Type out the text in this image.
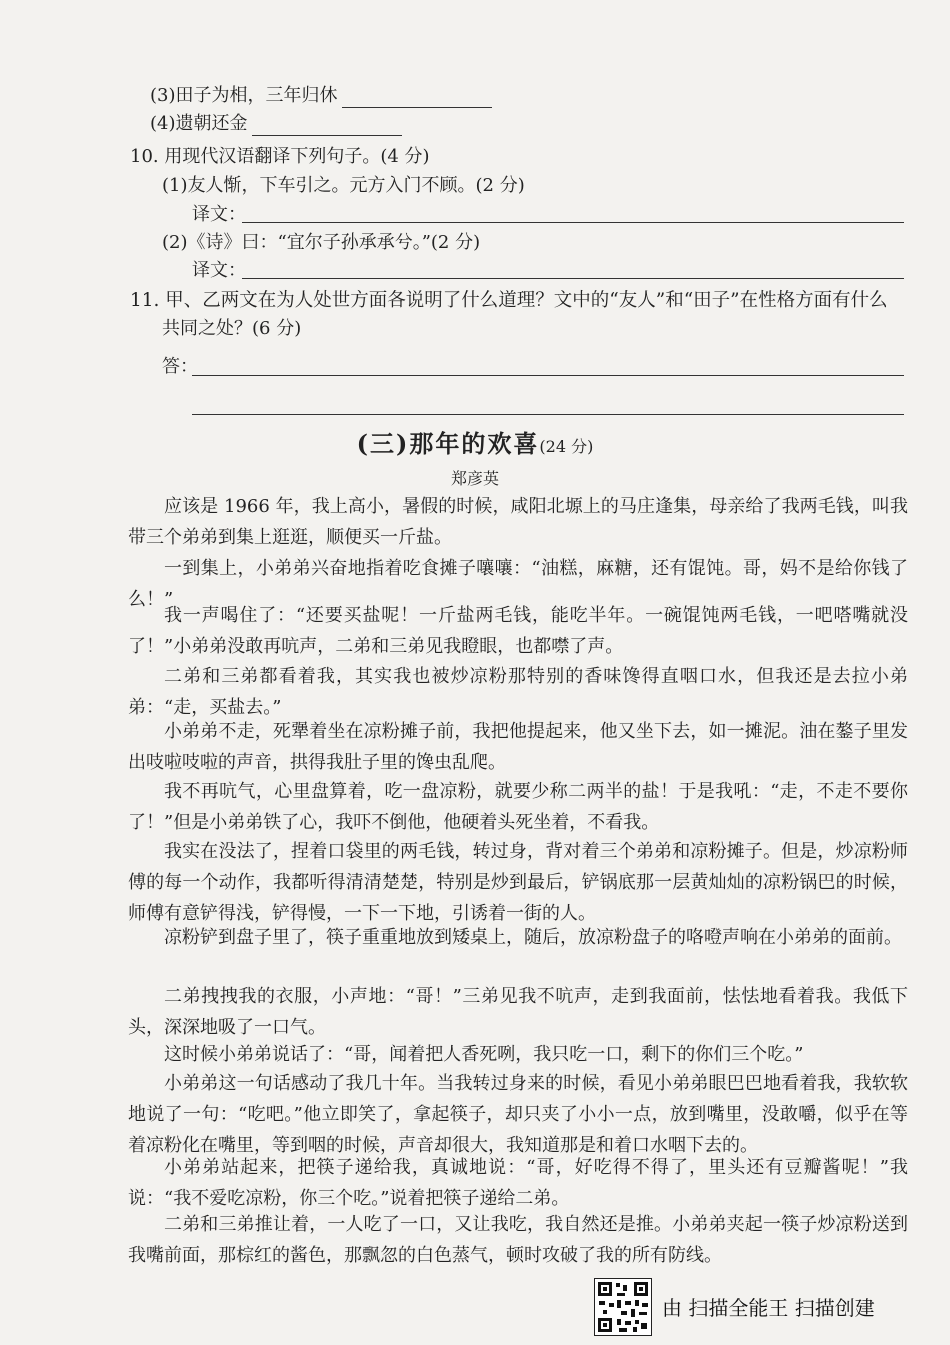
(3)田子为相，三年归休
(4)遗朝还金
10. 用现代汉语翻译下列句子。(4 分)
(1)友人惭，下车引之。元方入门不顾。(2 分)
译文：
(2)《诗》曰：“宜尔子孙承承兮。”(2 分)
译文：
11. 甲、乙两文在为人处世方面各说明了什么道理？文中的“友人”和“田子”在性格方面有什么
共同之处？(6 分)
答：
(三)那年的欢喜(24 分)
郑彦英

应该是 1966 年，我上高小，暑假的时候，咸阳北塬上的马庄逢集，母亲给了我两毛钱，叫我带三个弟弟到集上逛逛，顺便买一斤盐。

一到集上，小弟弟兴奋地指着吃食摊子嚷嚷：“油糕，麻糖，还有馄饨。哥，妈不是给你钱了么！”

我一声喝住了：“还要买盐呢！一斤盐两毛钱，能吃半年。一碗馄饨两毛钱，一吧嗒嘴就没了！”小弟弟没敢再吭声，二弟和三弟见我瞪眼，也都噤了声。

二弟和三弟都看着我，其实我也被炒凉粉那特别的香味馋得直咽口水，但我还是去拉小弟弟：“走，买盐去。”

小弟弟不走，死犟着坐在凉粉摊子前，我把他提起来，他又坐下去，如一摊泥。油在鏊子里发出吱啦吱啦的声音，拱得我肚子里的馋虫乱爬。

我不再吭气，心里盘算着，吃一盘凉粉，就要少称二两半的盐！于是我吼：“走，不走不要你了！”但是小弟弟铁了心，我吓不倒他，他硬着头死坐着，不看我。

我实在没法了，捏着口袋里的两毛钱，转过身，背对着三个弟弟和凉粉摊子。但是，炒凉粉师傅的每一个动作，我都听得清清楚楚，特别是炒到最后，铲锅底那一层黄灿灿的凉粉锅巴的时候，师傅有意铲得浅，铲得慢，一下一下地，引诱着一街的人。

凉粉铲到盘子里了，筷子重重地放到矮桌上，随后，放凉粉盘子的咯噔声响在小弟弟的面前。

二弟拽拽我的衣服，小声地：“哥！”三弟见我不吭声，走到我面前，怯怯地看着我。我低下头，深深地吸了一口气。

这时候小弟弟说话了：“哥，闻着把人香死咧，我只吃一口，剩下的你们三个吃。”

小弟弟这一句话感动了我几十年。当我转过身来的时候，看见小弟弟眼巴巴地看着我，我软软地说了一句：“吃吧。”他立即笑了，拿起筷子，却只夹了小小一点，放到嘴里，没敢嚼，似乎在等着凉粉化在嘴里，等到咽的时候，声音却很大，我知道那是和着口水咽下去的。

小弟弟站起来，把筷子递给我，真诚地说：“哥，好吃得不得了，里头还有豆瓣酱呢！”我说：“我不爱吃凉粉，你三个吃。”说着把筷子递给二弟。

二弟和三弟推让着，一人吃了一口，又让我吃，我自然还是推。小弟弟夹起一筷子炒凉粉送到我嘴前面，那棕红的酱色，那飘忽的白色蒸气，顿时攻破了我的所有防线。

由 扫描全能王 扫描创建
